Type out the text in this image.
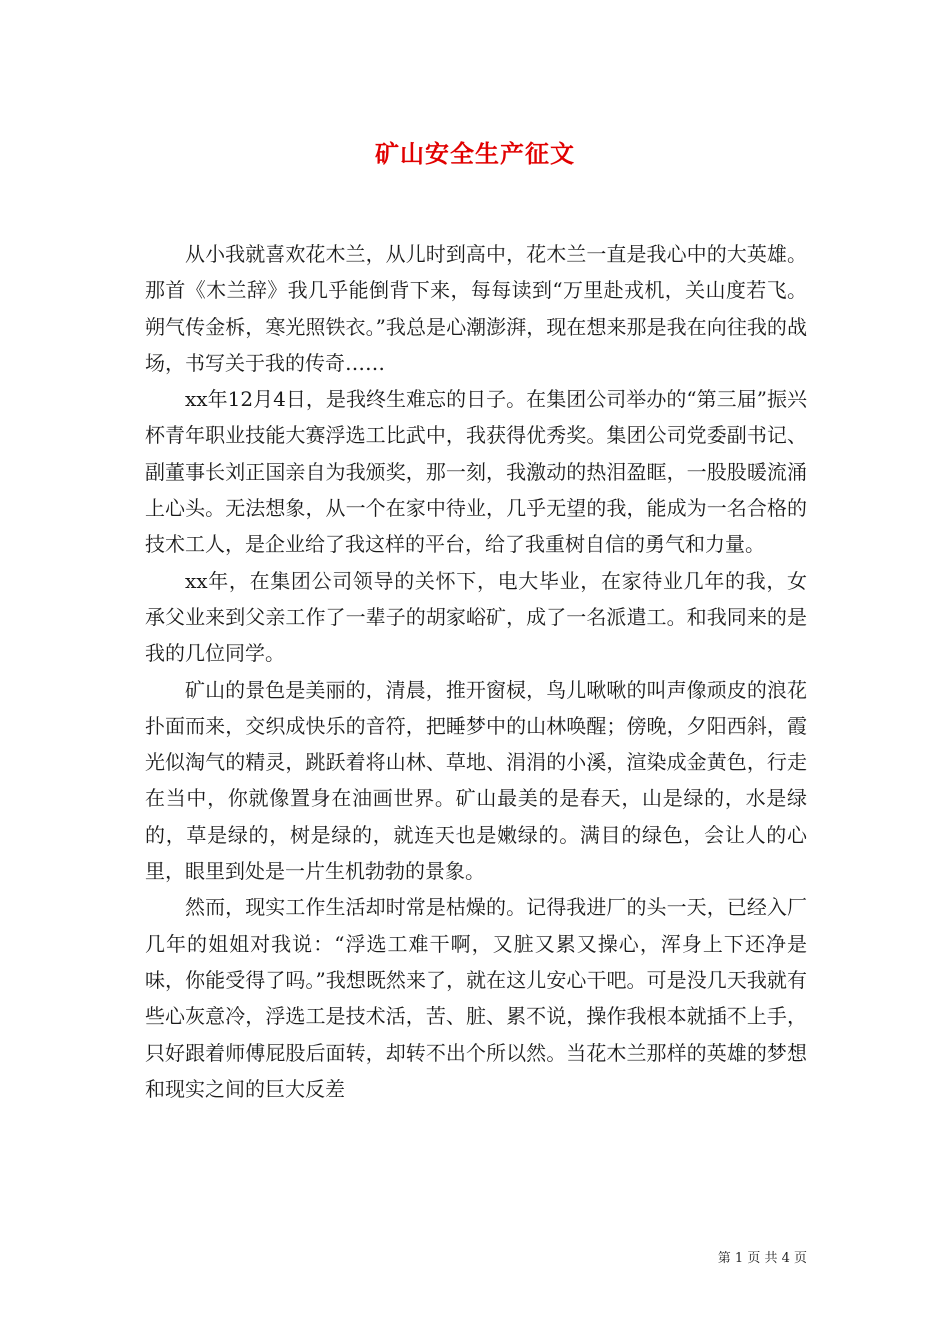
矿山安全生产征文

从小我就喜欢花木兰，从儿时到高中，花木兰一直是我心中的大英雄。那首《木兰辞》我几乎能倒背下来，每每读到“万里赴戎机，关山度若飞。朔气传金柝，寒光照铁衣。”我总是心潮澎湃，现在想来那是我在向往我的战场，书写关于我的传奇……

xx年12月4日，是我终生难忘的日子。在集团公司举办的“第三届”振兴杯青年职业技能大赛浮选工比武中，我获得优秀奖。集团公司党委副书记、副董事长刘正国亲自为我颁奖，那一刻，我激动的热泪盈眶，一股股暖流涌上心头。无法想象，从一个在家中待业，几乎无望的我，能成为一名合格的技术工人，是企业给了我这样的平台，给了我重树自信的勇气和力量。

xx年，在集团公司领导的关怀下，电大毕业，在家待业几年的我，女承父业来到父亲工作了一辈子的胡家峪矿，成了一名派遣工。和我同来的是我的几位同学。

矿山的景色是美丽的，清晨，推开窗棂，鸟儿啾啾的叫声像顽皮的浪花扑面而来，交织成快乐的音符，把睡梦中的山林唤醒；傍晚，夕阳西斜，霞光似淘气的精灵，跳跃着将山林、草地、涓涓的小溪，渲染成金黄色，行走在当中，你就像置身在油画世界。矿山最美的是春天，山是绿的，水是绿的，草是绿的，树是绿的，就连天也是嫩绿的。满目的绿色，会让人的心里，眼里到处是一片生机勃勃的景象。

然而，现实工作生活却时常是枯燥的。记得我进厂的头一天，已经入厂几年的姐姐对我说：“浮选工难干啊，又脏又累又操心，浑身上下还净是味，你能受得了吗。”我想既然来了，就在这儿安心干吧。可是没几天我就有些心灰意冷，浮选工是技术活，苦、脏、累不说，操作我根本就插不上手，只好跟着师傅屁股后面转，却转不出个所以然。当花木兰那样的英雄的梦想和现实之间的巨大反差

第 1 页 共 4 页
